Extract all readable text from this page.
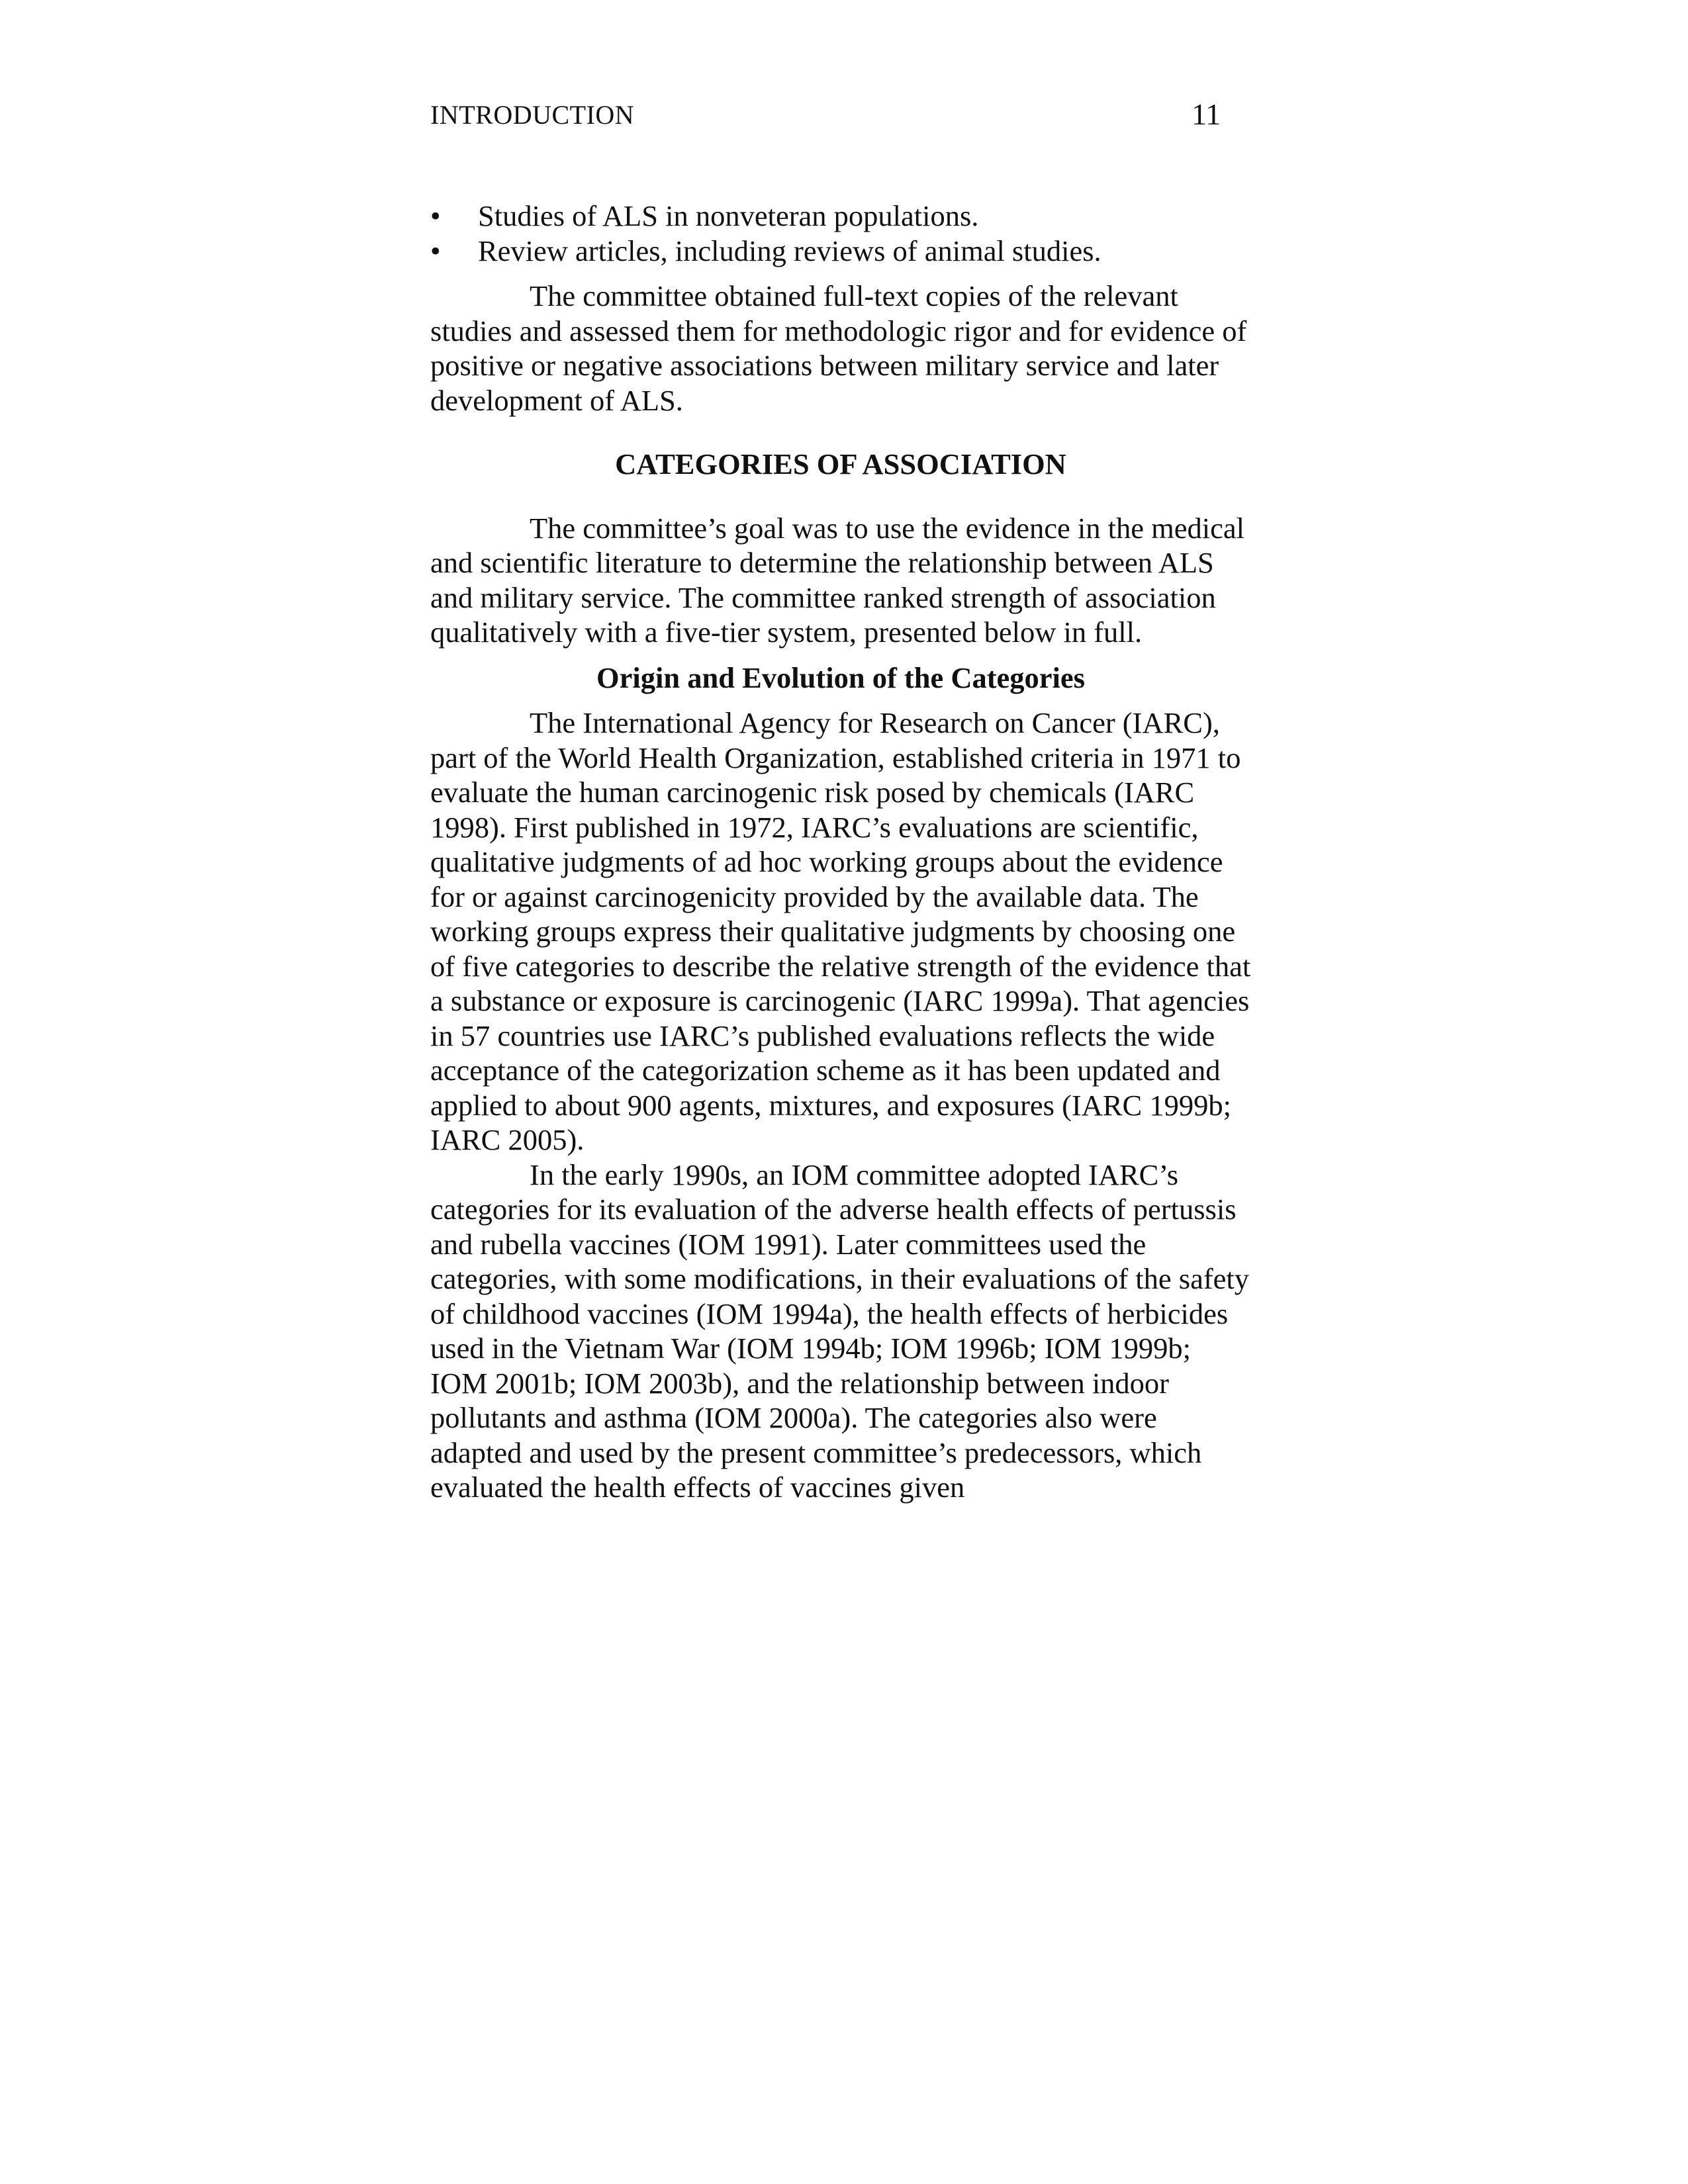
INTRODUCTION	11
• Studies of ALS in nonveteran populations.
• Review articles, including reviews of animal studies.

The committee obtained full-text copies of the relevant studies and assessed them for methodologic rigor and for evidence of positive or negative associations between military service and later development of ALS.

CATEGORIES OF ASSOCIATION

The committee’s goal was to use the evidence in the medical and scientific literature to determine the relationship between ALS and military service. The committee ranked strength of association qualitatively with a five-tier system, presented below in full.

Origin and Evolution of the Categories

The International Agency for Research on Cancer (IARC), part of the World Health Organization, established criteria in 1971 to evaluate the human carcinogenic risk posed by chemicals (IARC 1998). First published in 1972, IARC’s evaluations are scientific, qualitative judgments of ad hoc working groups about the evidence for or against carcinogenicity provided by the available data. The working groups express their qualitative judgments by choosing one of five categories to describe the relative strength of the evidence that a substance or exposure is carcinogenic (IARC 1999a). That agencies in 57 countries use IARC’s published evaluations reflects the wide acceptance of the categorization scheme as it has been updated and applied to about 900 agents, mixtures, and exposures (IARC 1999b; IARC 2005).

In the early 1990s, an IOM committee adopted IARC’s categories for its evaluation of the adverse health effects of pertussis and rubella vaccines (IOM 1991). Later committees used the categories, with some modifications, in their evaluations of the safety of childhood vaccines (IOM 1994a), the health effects of herbicides used in the Vietnam War (IOM 1994b; IOM 1996b; IOM 1999b; IOM 2001b; IOM 2003b), and the relationship between indoor pollutants and asthma (IOM 2000a). The categories also were adapted and used by the present committee’s predecessors, which evaluated the health effects of vaccines given
